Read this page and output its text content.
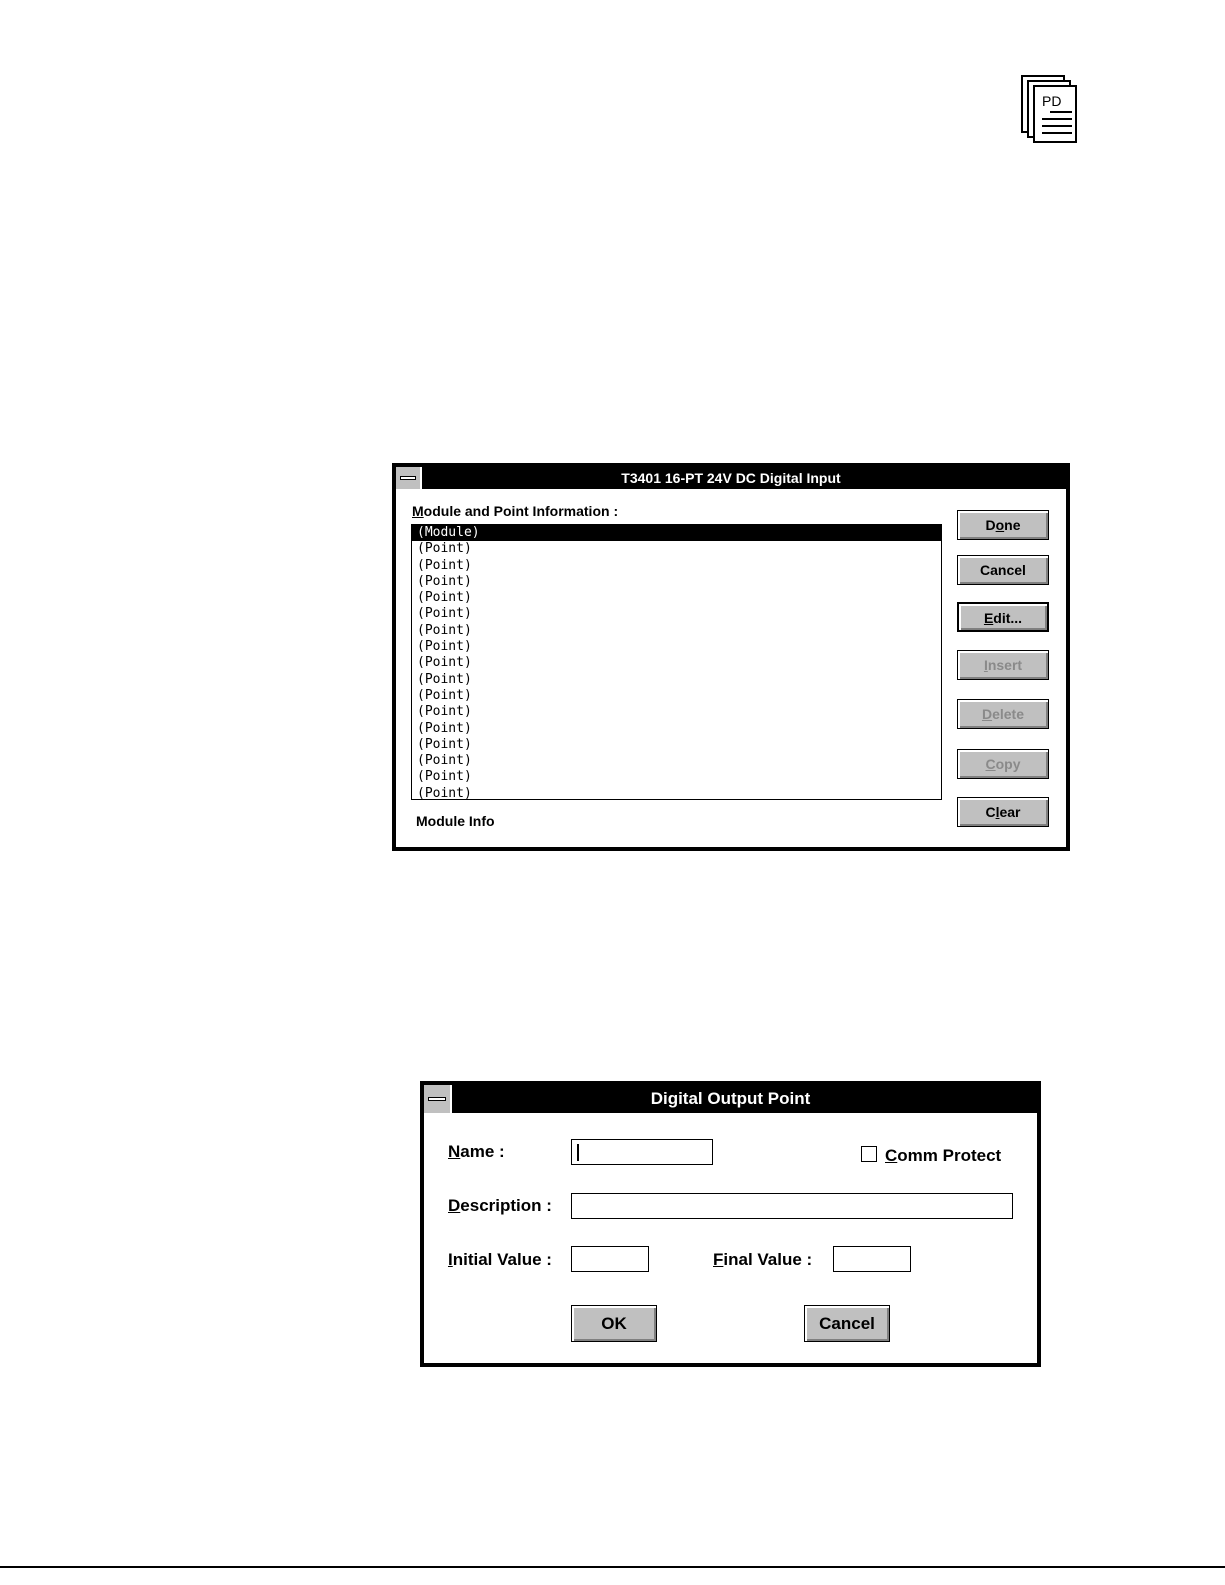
PD
T3401 16-PT 24V DC Digital Input
Module and Point Information :
(Module)
(Point)
(Point)
(Point)
(Point)
(Point)
(Point)
(Point)
(Point)
(Point)
(Point)
(Point)
(Point)
(Point)
(Point)
(Point)
(Point)
Module Info
Done
Cancel
Edit...
Insert
Delete
Copy
Clear
Digital Output Point
Name :	Comm Protect
Description :
Initial Value :	Final Value :
OK	Cancel
